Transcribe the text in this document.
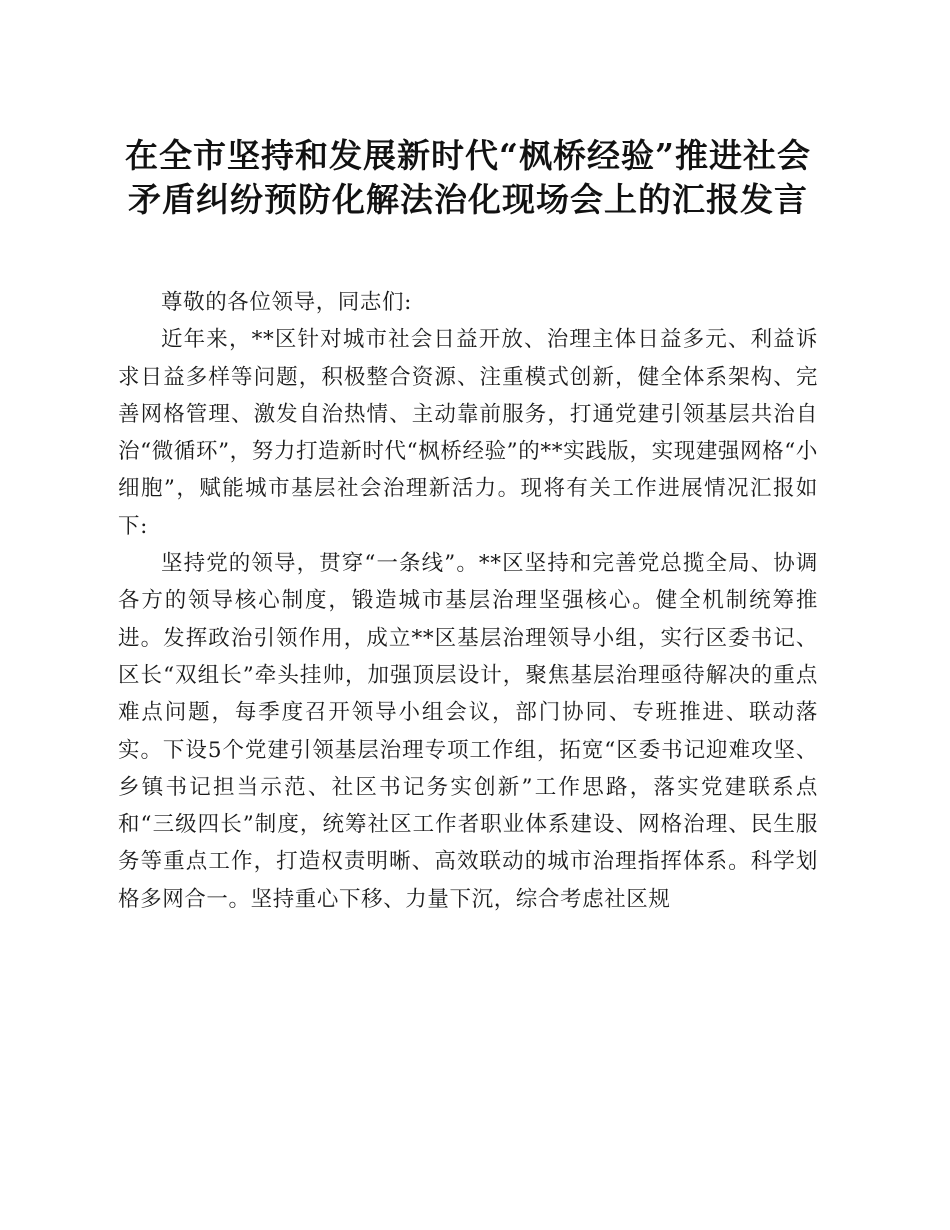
在全市坚持和发展新时代“枫桥经验”推进社会矛盾纠纷预防化解法治化现场会上的汇报发言

尊敬的各位领导，同志们:

近年来，**区针对城市社会日益开放、治理主体日益多元、利益诉求日益多样等问题，积极整合资源、注重模式创新，健全体系架构、完善网格管理、激发自治热情、主动靠前服务，打通党建引领基层共治自治“微循环”，努力打造新时代“枫桥经验”的**实践版，实现建强网格“小细胞”，赋能城市基层社会治理新活力。现将有关工作进展情况汇报如下:

坚持党的领导，贯穿“一条线”。**区坚持和完善党总揽全局、协调各方的领导核心制度，锻造城市基层治理坚强核心。健全机制统筹推进。发挥政治引领作用，成立**区基层治理领导小组，实行区委书记、区长“双组长”牵头挂帅，加强顶层设计，聚焦基层治理亟待解决的重点难点问题，每季度召开领导小组会议，部门协同、专班推进、联动落实。下设5个党建引领基层治理专项工作组，拓宽“区委书记迎难攻坚、乡镇书记担当示范、社区书记务实创新”工作思路，落实党建联系点和“三级四长”制度，统筹社区工作者职业体系建设、网格治理、民生服务等重点工作，打造权责明晰、高效联动的城市治理指挥体系。科学划格多网合一。坚持重心下移、力量下沉，综合考虑社区规
